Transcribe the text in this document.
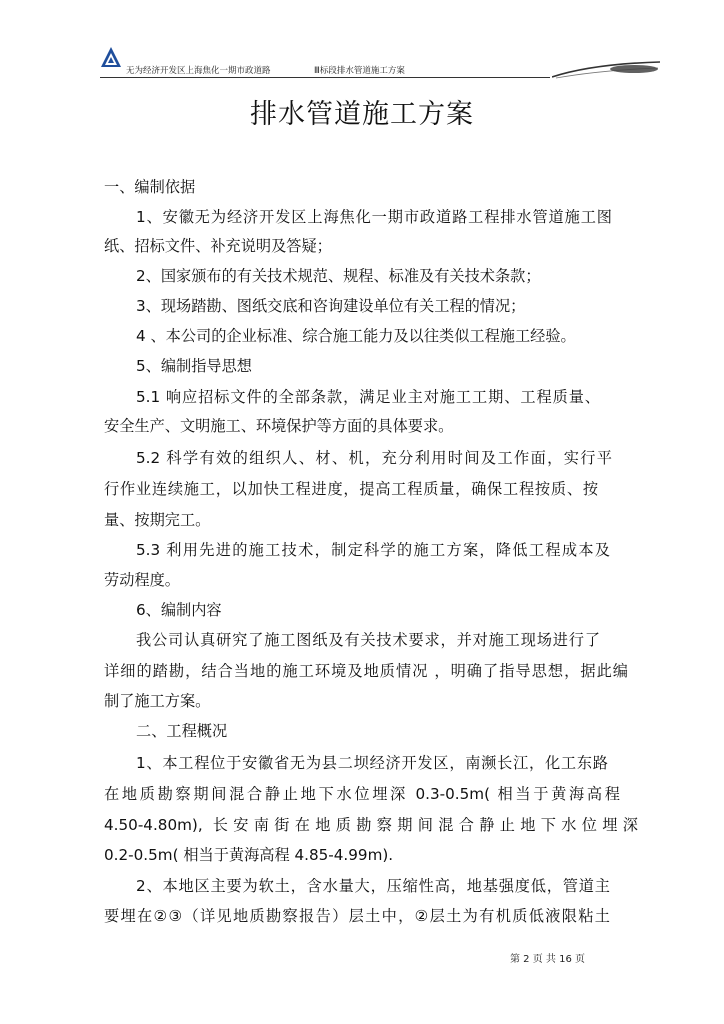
无为经济开发区上海焦化一期市政道路	Ⅲ标段排水管道施工方案
排水管道施工方案
一、编制依据
1、安徽无为经济开发区上海焦化一期市政道路工程排水管道施工图
纸、招标文件、补充说明及答疑；
2、国家颁布的有关技术规范、规程、标准及有关技术条款；
3、现场踏勘、图纸交底和咨询建设单位有关工程的情况；
4 、本公司的企业标准、综合施工能力及以往类似工程施工经验。
5、编制指导思想
5.1 响应招标文件的全部条款，满足业主对施工工期、工程质量、
安全生产、文明施工、环境保护等方面的具体要求。
5.2 科学有效的组织人、材、机，充分利用时间及工作面，实行平
行作业连续施工，以加快工程进度，提高工程质量，确保工程按质、按
量、按期完工。
5.3 利用先进的施工技术，制定科学的施工方案，降低工程成本及
劳动程度。
6、编制内容
我公司认真研究了施工图纸及有关技术要求，并对施工现场进行了
详细的踏勘，结合当地的施工环境及地质情况 ，明确了指导思想，据此编
制了施工方案。
二、工程概况
1、本工程位于安徽省无为县二坝经济开发区，南濒长江，化工东路
在地质勘察期间混合静止地下水位埋深 0.3-0.5m( 相当于黄海高程
4.50-4.80m), 长安南街在地质勘察期间混合静止地下水位埋深
0.2-0.5m( 相当于黄海高程 4.85-4.99m).
2、本地区主要为软土，含水量大，压缩性高，地基强度低，管道主
要埋在②③（详见地质勘察报告）层土中，②层土为有机质低液限粘土
第 2 页 共 16 页
